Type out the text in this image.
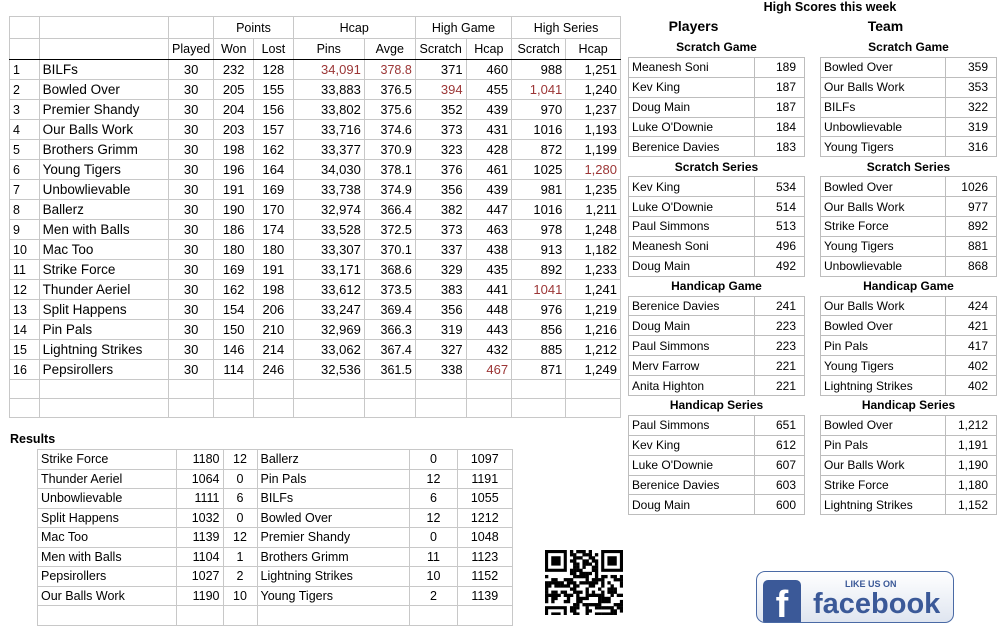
			Points		Hcap		High Game		High Series	
		Played	Won	Lost	Pins	Avge	Scratch	Hcap	Scratch	Hcap
1	BILFs	30	232	128	34,091	378.8	371	460	988	1,251
2	Bowled Over	30	205	155	33,883	376.5	394	455	1,041	1,240
3	Premier Shandy	30	204	156	33,802	375.6	352	439	970	1,237
4	Our Balls Work	30	203	157	33,716	374.6	373	431	1016	1,193
5	Brothers Grimm	30	198	162	33,377	370.9	323	428	872	1,199
6	Young Tigers	30	196	164	34,030	378.1	376	461	1025	1,280
7	Unbowlievable	30	191	169	33,738	374.9	356	439	981	1,235
8	Ballerz	30	190	170	32,974	366.4	382	447	1016	1,211
9	Men with Balls	30	186	174	33,528	372.5	373	463	978	1,248
10	Mac Too	30	180	180	33,307	370.1	337	438	913	1,182
11	Strike Force	30	169	191	33,171	368.6	329	435	892	1,233
12	Thunder Aeriel	30	162	198	33,612	373.5	383	441	1041	1,241
13	Split Happens	30	154	206	33,247	369.4	356	448	976	1,219
14	Pin Pals	30	150	210	32,969	366.3	319	443	856	1,216
15	Lightning Strikes	30	146	214	33,062	367.4	327	432	885	1,212
16	Pepsirollers	30	114	246	32,536	361.5	338	467	871	1,249

Results
Strike Force	1180	12	Ballerz	0	1097
Thunder Aeriel	1064	0	Pin Pals	12	1191
Unbowlievable	1111	6	BILFs	6	1055
Split Happens	1032	0	Bowled Over	12	1212
Mac Too	1139	12	Premier Shandy	0	1048
Men with Balls	1104	1	Brothers Grimm	11	1123
Pepsirollers	1027	2	Lightning Strikes	10	1152
Our Balls Work	1190	10	Young Tigers	2	1139

High Scores this week
Players	Team
Scratch Game	
Meanesh Soni	189
Kev King	187
Doug Main	187
Luke O'Downie	184
Berenice Davies	183
Scratch Series	
Kev King	534
Luke O'Downie	514
Paul Simmons	513
Meanesh Soni	496
Doug Main	492
Handicap Game	
Berenice Davies	241
Doug Main	223
Paul Simmons	223
Merv Farrow	221
Anita Highton	221
Handicap Series	
Paul Simmons	651
Kev King	612
Luke O'Downie	607
Berenice Davies	603
Doug Main	600
Scratch Game	
Bowled Over	359
Our Balls Work	353
BILFs	322
Unbowlievable	319
Young Tigers	316
Scratch Series	
Bowled Over	1026
Our Balls Work	977
Strike Force	892
Young Tigers	881
Unbowlievable	868
Handicap Game	
Our Balls Work	424
Bowled Over	421
Pin Pals	417
Young Tigers	402
Lightning Strikes	402
Handicap Series	
Bowled Over	1,212
Pin Pals	1,191
Our Balls Work	1,190
Strike Force	1,180
Lightning Strikes	1,152
f	LIKE US ON
facebook
